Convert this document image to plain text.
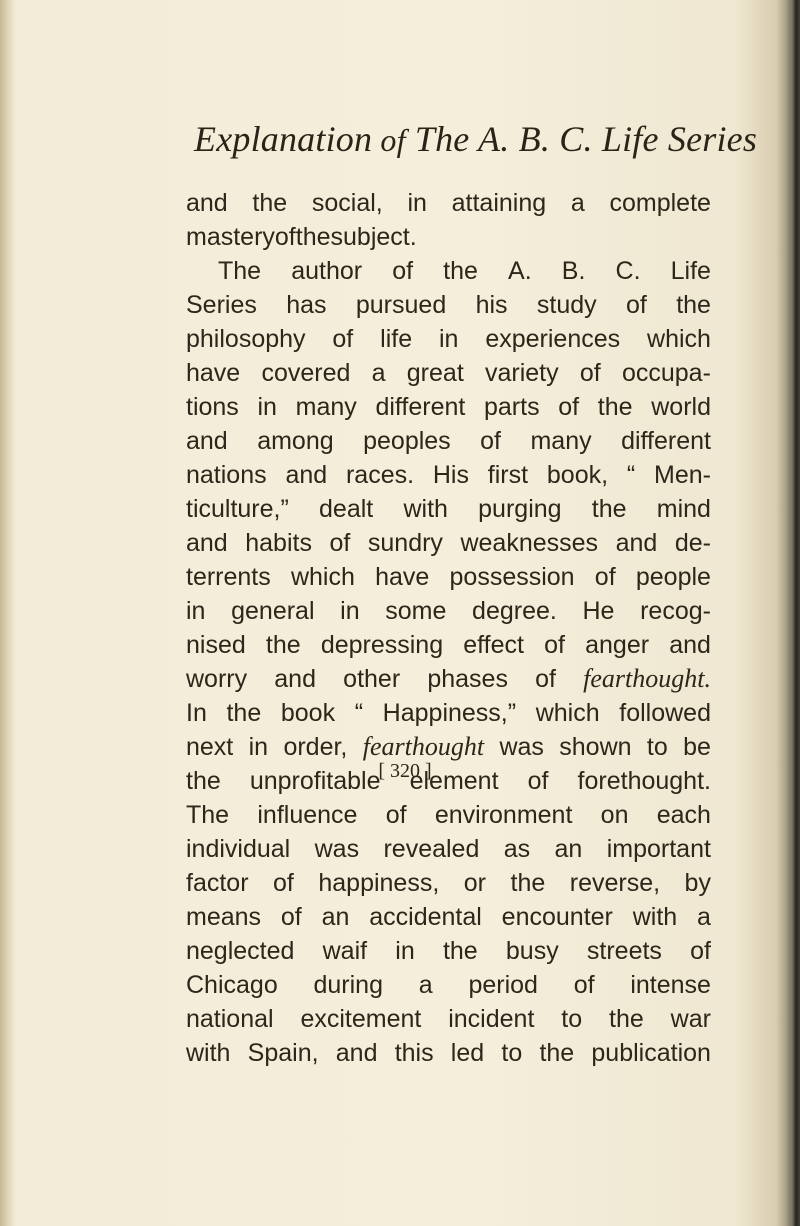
Explanation of The A. B. C. Life Series
and the social, in attaining a complete
mastery of the subject.
The author of the A. B. C. Life
Series has pursued his study of the
philosophy of life in experiences which
have covered a great variety of occupa-
tions in many different parts of the world
and among peoples of many different
nations and races. His first book, “ Men-
ticulture,” dealt with purging the mind
and habits of sundry weaknesses and de-
terrents which have possession of people
in general in some degree. He recog-
nised the depressing effect of anger and
worry and other phases of fearthought.
In the book “ Happiness,” which followed
next in order, fearthought was shown to be
the unprofitable element of forethought.
The influence of environment on each
individual was revealed as an important
factor of happiness, or the reverse, by
means of an accidental encounter with a
neglected waif in the busy streets of
Chicago during a period of intense
national excitement incident to the war
with Spain, and this led to the publication
[ 320 ]
